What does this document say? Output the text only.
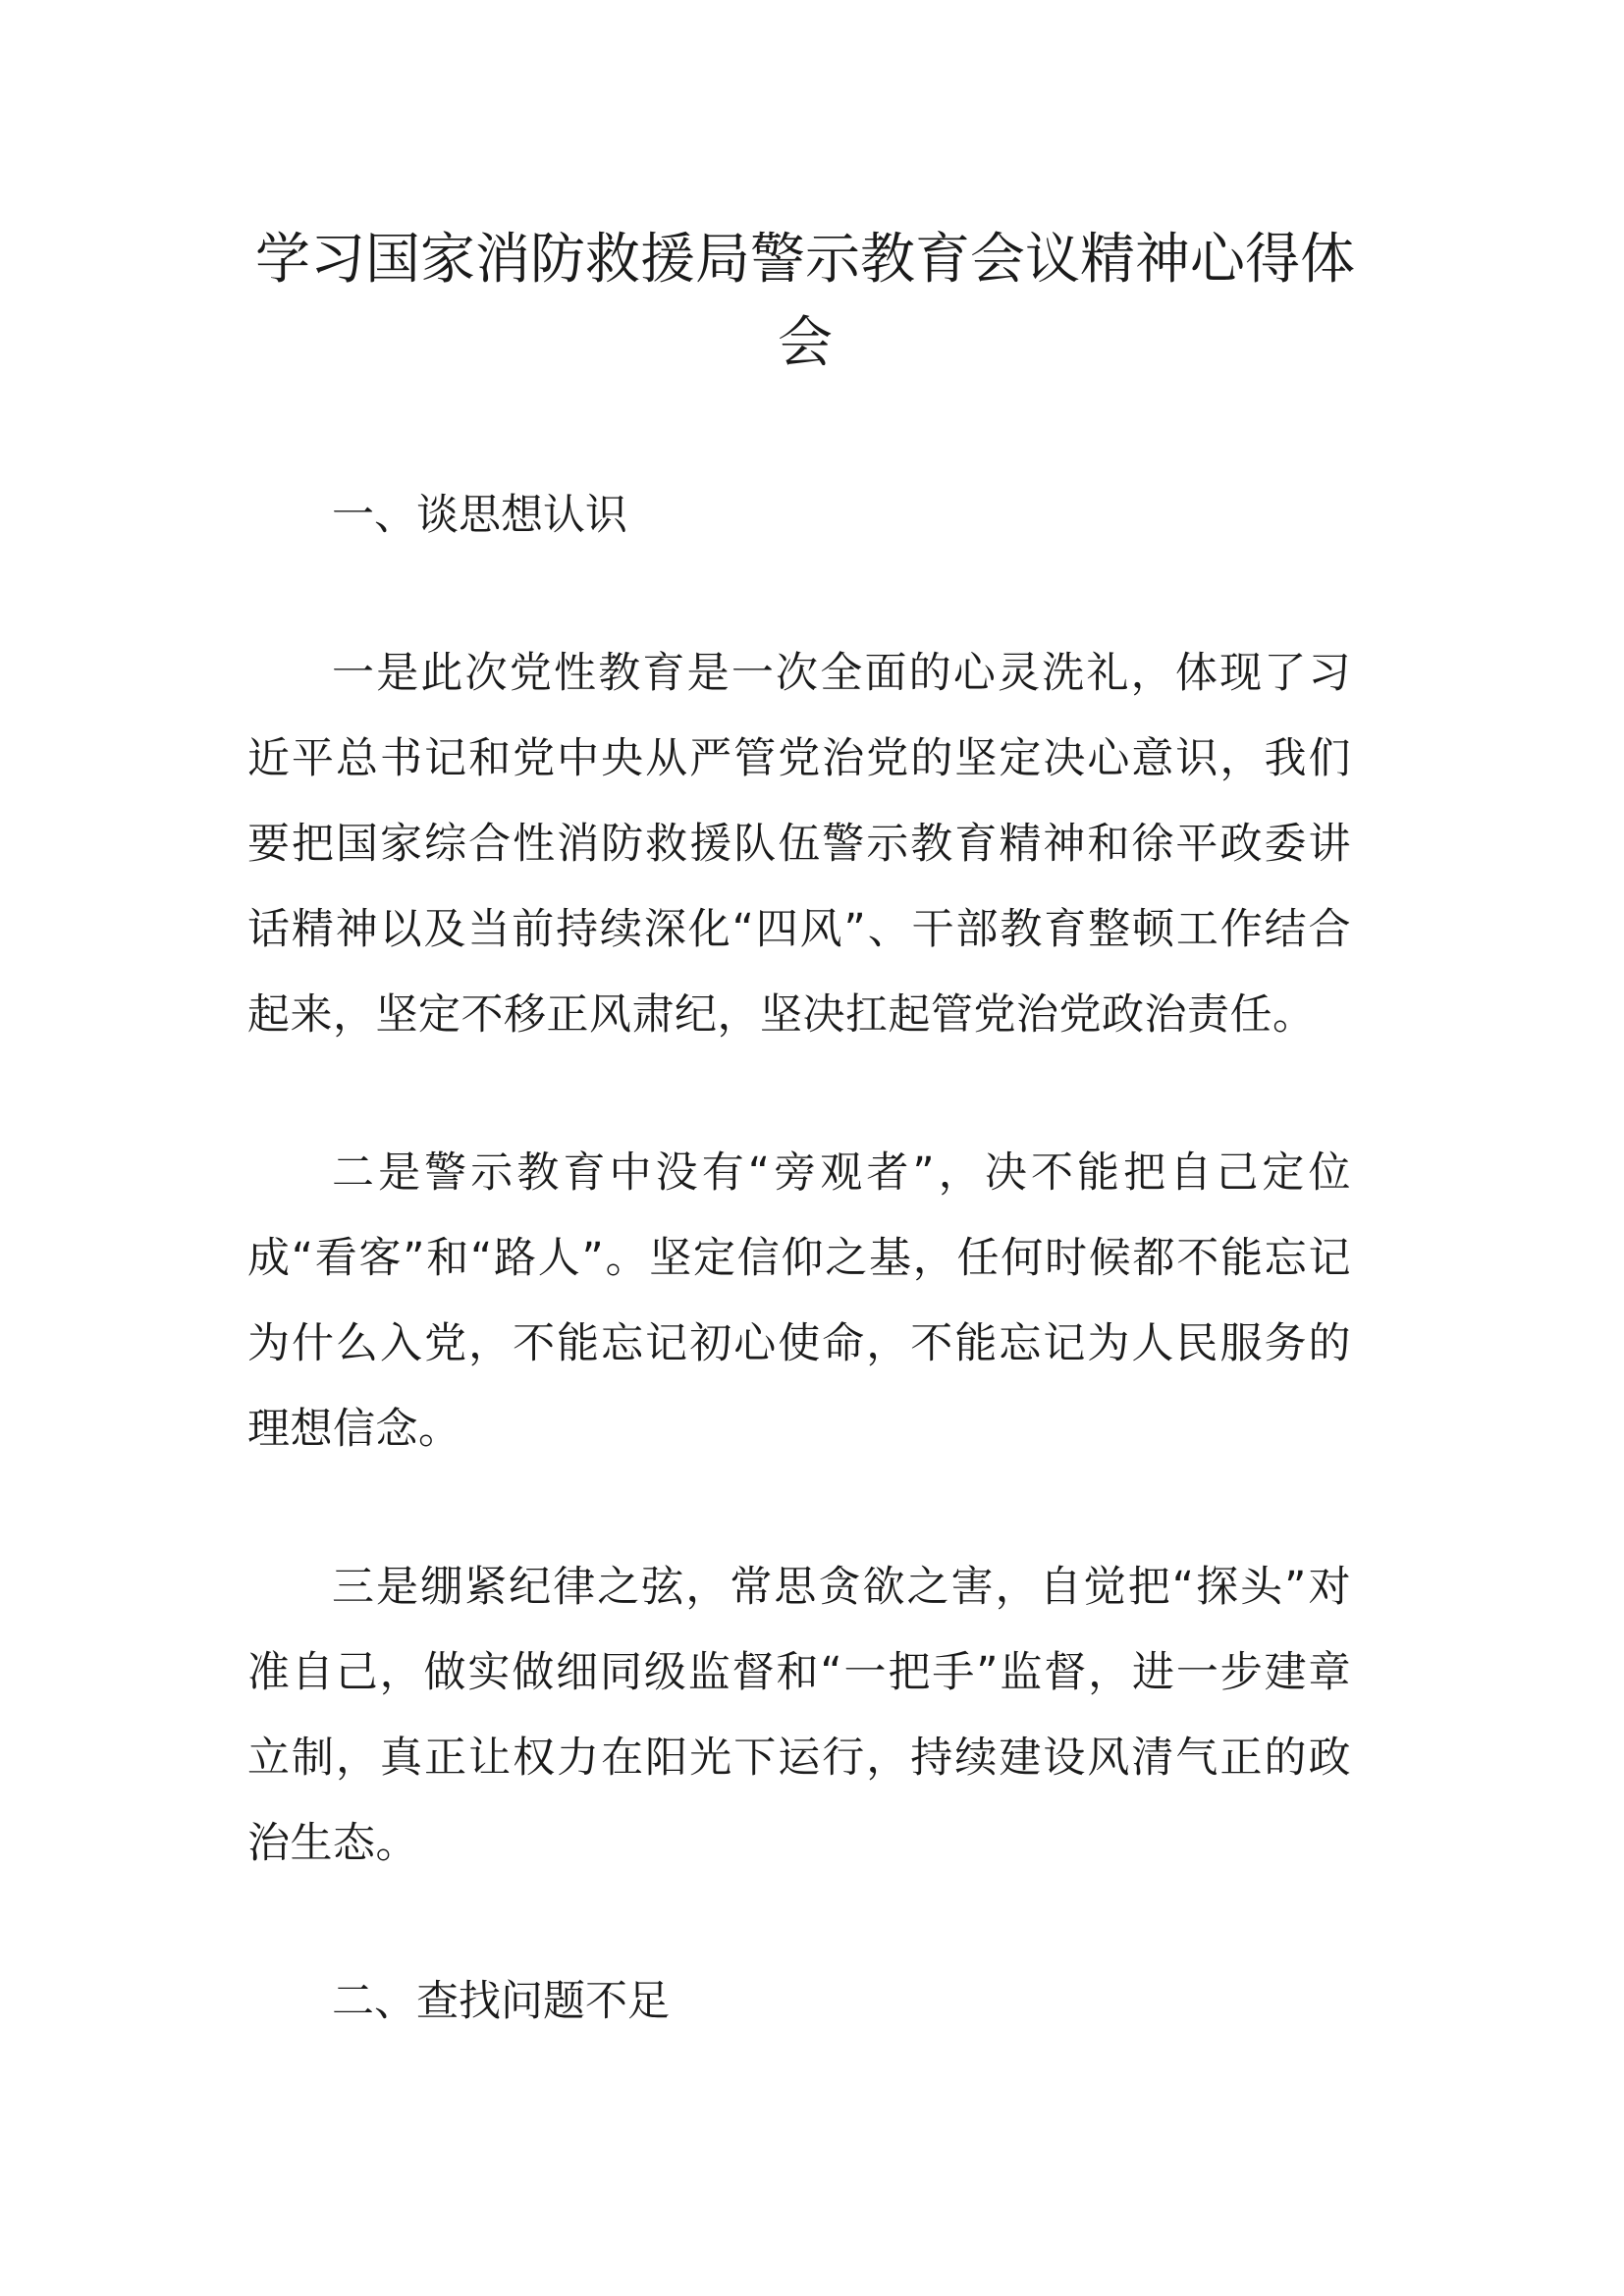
学习国家消防救援局警示教育会议精神心得体会

一、谈思想认识

一是此次党性教育是一次全面的心灵洗礼，体现了习近平总书记和党中央从严管党治党的坚定决心意识，我们要把国家综合性消防救援队伍警示教育精神和徐平政委讲话精神以及当前持续深化“四风”、干部教育整顿工作结合起来，坚定不移正风肃纪，坚决扛起管党治党政治责任。

二是警示教育中没有“旁观者”，决不能把自己定位成“看客”和“路人”。坚定信仰之基，任何时候都不能忘记为什么入党，不能忘记初心使命，不能忘记为人民服务的理想信念。

三是绷紧纪律之弦，常思贪欲之害，自觉把“探头”对准自己，做实做细同级监督和“一把手”监督，进一步建章立制，真正让权力在阳光下运行，持续建设风清气正的政治生态。

二、查找问题不足
